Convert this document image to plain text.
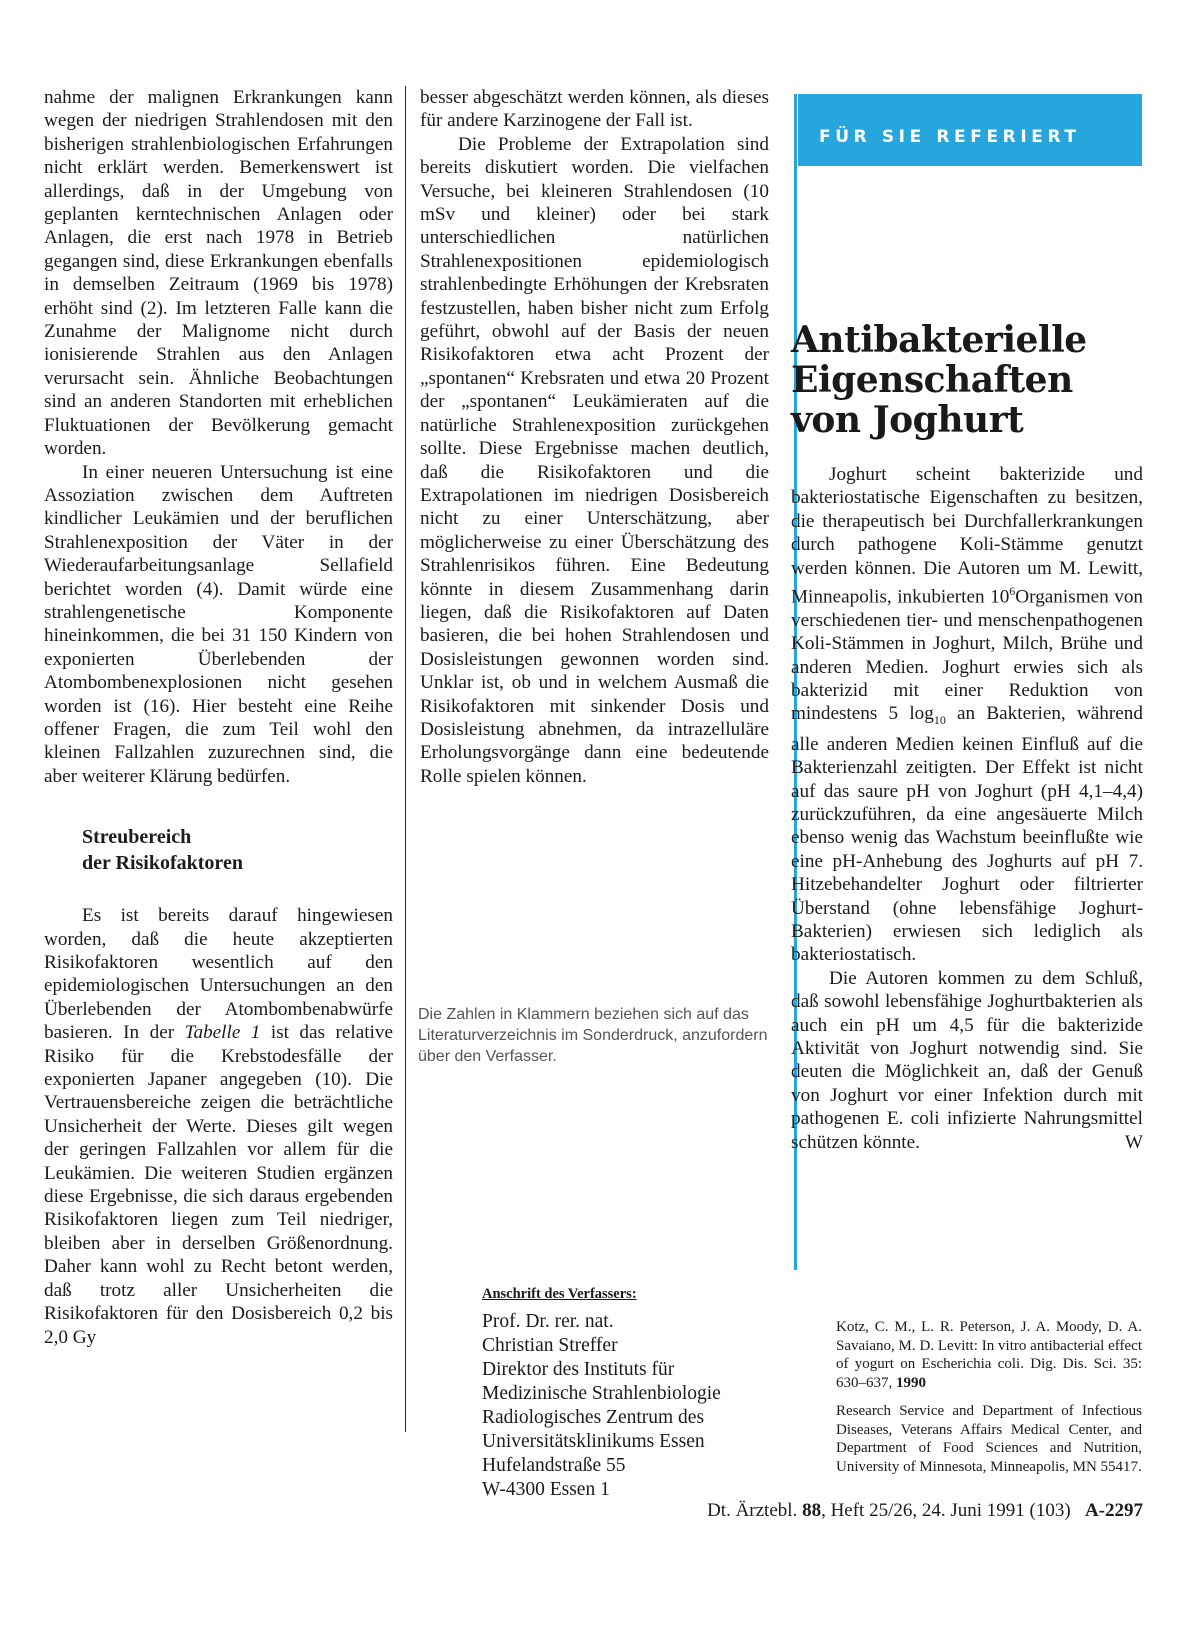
nahme der malignen Erkrankungen kann wegen der niedrigen Strahlendosen mit den bisherigen strahlenbiologischen Erfahrungen nicht erklärt werden. Bemerkenswert ist allerdings, daß in der Umgebung von geplanten kerntechnischen Anlagen oder Anlagen, die erst nach 1978 in Betrieb gegangen sind, diese Erkrankungen ebenfalls in demselben Zeitraum (1969 bis 1978) erhöht sind (2). Im letzteren Falle kann die Zunahme der Malignome nicht durch ionisierende Strahlen aus den Anlagen verursacht sein. Ähnliche Beobachtungen sind an anderen Standorten mit erheblichen Fluktuationen der Bevölkerung gemacht worden.

In einer neueren Untersuchung ist eine Assoziation zwischen dem Auftreten kindlicher Leukämien und der beruflichen Strahlenexposition der Väter in der Wiederaufarbeitungsanlage Sellafield berichtet worden (4). Damit würde eine strahlengenetische Komponente hineinkommen, die bei 31 150 Kindern von exponierten Überlebenden der Atombombenexplosionen nicht gesehen worden ist (16). Hier besteht eine Reihe offener Fragen, die zum Teil wohl den kleinen Fallzahlen zuzurechnen sind, die aber weiterer Klärung bedürfen.

Streubereich
der Risikofaktoren

Es ist bereits darauf hingewiesen worden, daß die heute akzeptierten Risikofaktoren wesentlich auf den epidemiologischen Untersuchungen an den Überlebenden der Atombombenabwürfe basieren. In der Tabelle 1 ist das relative Risiko für die Krebstodesfälle der exponierten Japaner angegeben (10). Die Vertrauensbereiche zeigen die beträchtliche Unsicherheit der Werte. Dieses gilt wegen der geringen Fallzahlen vor allem für die Leukämien. Die weiteren Studien ergänzen diese Ergebnisse, die sich daraus ergebenden Risikofaktoren liegen zum Teil niedriger, bleiben aber in derselben Größenordnung. Daher kann wohl zu Recht betont werden, daß trotz aller Unsicherheiten die Risikofaktoren für den Dosisbereich 0,2 bis 2,0 Gy

besser abgeschätzt werden können, als dieses für andere Karzinogene der Fall ist.

Die Probleme der Extrapolation sind bereits diskutiert worden. Die vielfachen Versuche, bei kleineren Strahlendosen (10 mSv und kleiner) oder bei stark unterschiedlichen natürlichen Strahlenexpositionen epidemiologisch strahlenbedingte Erhöhungen der Krebsraten festzustellen, haben bisher nicht zum Erfolg geführt, obwohl auf der Basis der neuen Risikofaktoren etwa acht Prozent der „spontanen“ Krebsraten und etwa 20 Prozent der „spontanen“ Leukämieraten auf die natürliche Strahlenexposition zurückgehen sollte. Diese Ergebnisse machen deutlich, daß die Risikofaktoren und die Extrapolationen im niedrigen Dosisbereich nicht zu einer Unterschätzung, aber möglicherweise zu einer Überschätzung des Strahlenrisikos führen. Eine Bedeutung könnte in diesem Zusammenhang darin liegen, daß die Risikofaktoren auf Daten basieren, die bei hohen Strahlendosen und Dosisleistungen gewonnen worden sind. Unklar ist, ob und in welchem Ausmaß die Risikofaktoren mit sinkender Dosis und Dosisleistung abnehmen, da intrazelluläre Erholungsvorgänge dann eine bedeutende Rolle spielen können.

Die Zahlen in Klammern beziehen sich auf das Literaturverzeichnis im Sonderdruck, anzufordern über den Verfasser.
Anschrift des Verfassers:
Prof. Dr. rer. nat.
Christian Streffer
Direktor des Instituts für
Medizinische Strahlenbiologie
Radiologisches Zentrum des
Universitätsklinikums Essen
Hufelandstraße 55
W-4300 Essen 1
FÜR SIE REFERIERT
Antibakterielle Eigenschaften von Joghurt

Joghurt scheint bakterizide und bakteriostatische Eigenschaften zu besitzen, die therapeutisch bei Durchfallerkrankungen durch pathogene Koli-Stämme genutzt werden können. Die Autoren um M. Lewitt, Minneapolis, inkubierten $10^6Organismen$ von verschiedenen tier- und menschenpathogenen Koli-Stämmen in Joghurt, Milch, Brühe und anderen Medien. Joghurt erwies sich als bakterizid mit einer Reduktion von mindestens 5 $\log_{10}$ an Bakterien, während alle anderen Medien keinen Einfluß auf die Bakterienzahl zeitigten. Der Effekt ist nicht auf das saure pH von Joghurt (pH 4,1–4,4) zurückzuführen, da eine angesäuerte Milch ebenso wenig das Wachstum beeinflußte wie eine pH-Anhebung des Joghurts auf pH 7. Hitzebehandelter Joghurt oder filtrierter Überstand (ohne lebensfähige Joghurt-Bakterien) erwiesen sich lediglich als bakteriostatisch.

Die Autoren kommen zu dem Schluß, daß sowohl lebensfähige Joghurtbakterien als auch ein pH um 4,5 für die bakterizide Aktivität von Joghurt notwendig sind. Sie deuten die Möglichkeit an, daß der Genuß von Joghurt vor einer Infektion durch mit pathogenen E. coli infizierte Nahrungsmittel schützen könnte.	W

Kotz, C. M., L. R. Peterson, J. A. Moody, D. A. Savaiano, M. D. Levitt: In vitro antibacterial effect of yogurt on Escherichia coli. Dig. Dis. Sci. 35: 630–637, 1990

Research Service and Department of Infectious Diseases, Veterans Affairs Medical Center, and Department of Food Sciences and Nutrition, University of Minnesota, Minneapolis, MN 55417.

Dt. Ärztebl. 88, Heft 25/26, 24. Juni 1991 (103) A-2297
